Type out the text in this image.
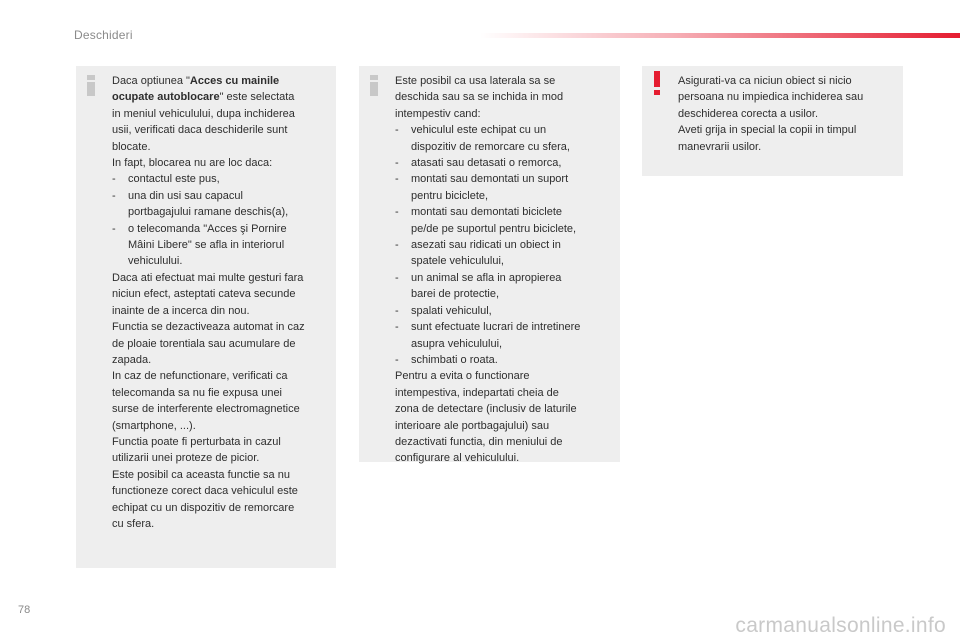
Deschideri
Daca optiunea "Acces cu mainile
ocupate autoblocare" este selectata
in meniul vehiculului, dupa inchiderea
usii, verificati daca deschiderile sunt
blocate.
In fapt, blocarea nu are loc daca:
-	contactul este pus,
-	una din usi sau capacul
portbagajului ramane deschis(a),
-	o telecomanda "Acces şi Pornire
Mâini Libere" se afla in interiorul
vehiculului.
Daca ati efectuat mai multe gesturi fara
niciun efect, asteptati cateva secunde
inainte de a incerca din nou.
Functia se dezactiveaza automat in caz
de ploaie torentiala sau acumulare de
zapada.
In caz de nefunctionare, verificati ca
telecomanda sa nu fie expusa unei
surse de interferente electromagnetice
(smartphone, ...).
Functia poate fi perturbata in cazul
utilizarii unei proteze de picior.
Este posibil ca aceasta functie sa nu
functioneze corect daca vehiculul este
echipat cu un dispozitiv de remorcare
cu sfera.
Este posibil ca usa laterala sa se
deschida sau sa se inchida in mod
intempestiv cand:
-	vehiculul este echipat cu un
dispozitiv de remorcare cu sfera,
-	atasati sau detasati o remorca,
-	montati sau demontati un suport
pentru biciclete,
-	montati sau demontati biciclete
pe/de pe suportul pentru biciclete,
-	asezati sau ridicati un obiect in
spatele vehiculului,
-	un animal se afla in apropierea
barei de protectie,
-	spalati vehiculul,
-	sunt efectuate lucrari de intretinere
asupra vehiculului,
-	schimbati o roata.
Pentru a evita o functionare
intempestiva, indepartati cheia de
zona de detectare (inclusiv de laturile
interioare ale portbagajului) sau
dezactivati functia, din meniului de
configurare al vehiculului.
Asigurati-va ca niciun obiect si nicio
persoana nu impiedica inchiderea sau
deschiderea corecta a usilor.
Aveti grija in special la copii in timpul
manevrarii usilor.
78
carmanualsonline.info
